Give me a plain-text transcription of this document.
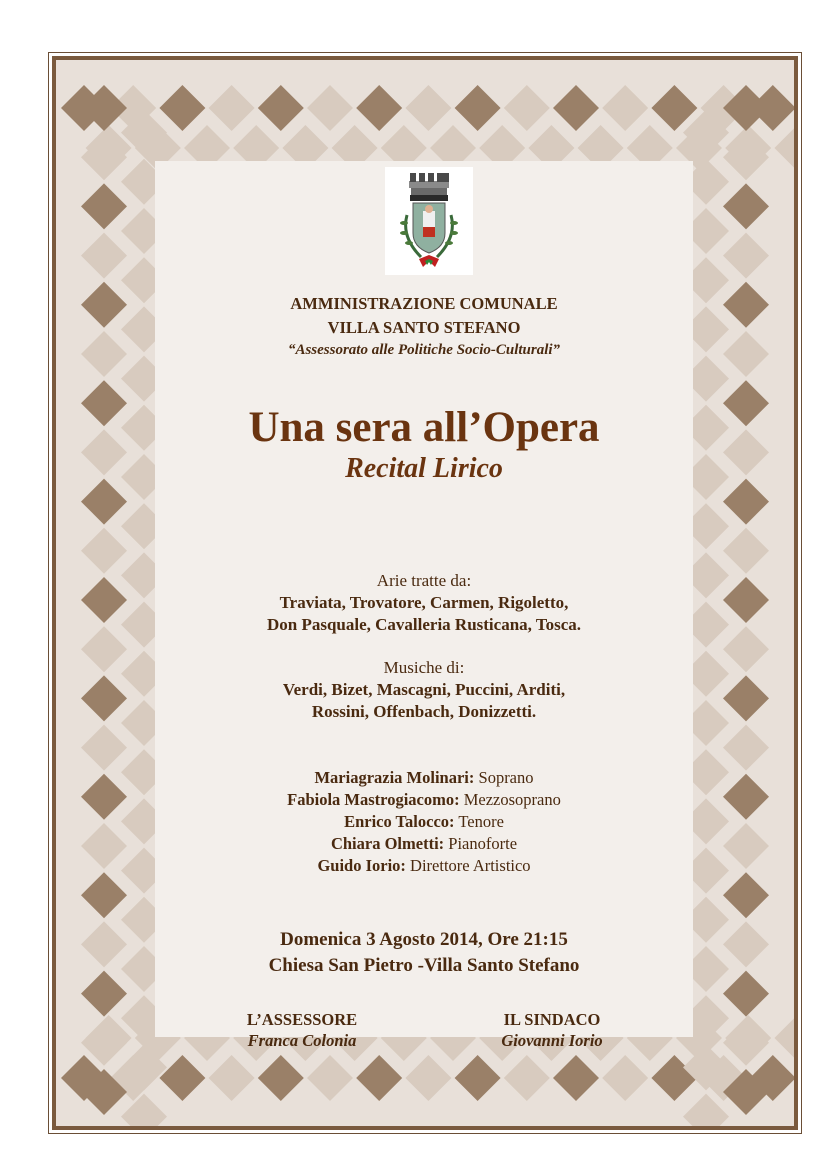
AMMINISTRAZIONE COMUNALE
VILLA SANTO STEFANO
“Assessorato alle Politiche Socio-Culturali”
Una sera all’Opera
Recital Lirico
Arie tratte da:
Traviata, Trovatore, Carmen, Rigoletto,
Don Pasquale, Cavalleria Rusticana, Tosca.
Musiche di:
Verdi, Bizet, Mascagni, Puccini, Arditi,
Rossini, Offenbach, Donizzetti.
Mariagrazia Molinari: Soprano
Fabiola Mastrogiacomo: Mezzosoprano
Enrico Talocco: Tenore
Chiara Olmetti: Pianoforte
Guido Iorio: Direttore Artistico
Domenica 3 Agosto 2014, Ore 21:15
Chiesa San Pietro -Villa Santo Stefano
L’ASSESSORE
Franca Colonia
IL SINDACO
Giovanni Iorio
